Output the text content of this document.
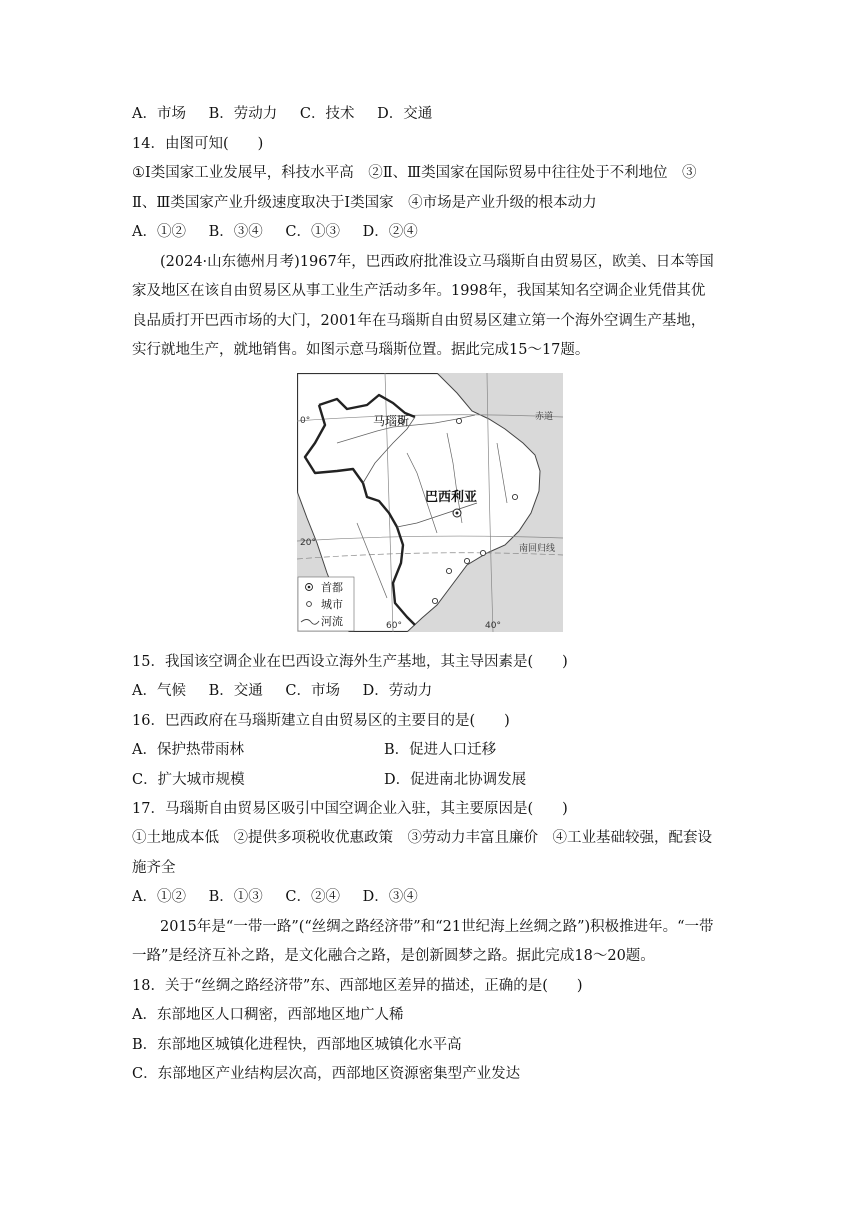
A．市场 B．劳动力 C．技术 D．交通
14．由图可知(　　)
①Ⅰ类国家工业发展早，科技水平高　②Ⅱ、Ⅲ类国家在国际贸易中往往处于不利地位　③
Ⅱ、Ⅲ类国家产业升级速度取决于Ⅰ类国家　④市场是产业升级的根本动力
A．①② B．③④ C．①③ D．②④
(2024·山东德州月考)1967年，巴西政府批准设立马瑙斯自由贸易区，欧美、日本等国
家及地区在该自由贸易区从事工业生产活动多年。1998年，我国某知名空调企业凭借其优
良品质打开巴西市场的大门，2001年在马瑙斯自由贸易区建立第一个海外空调生产基地，
实行就地生产，就地销售。如图示意马瑙斯位置。据此完成15～17题。
马瑙斯
巴西利亚
赤道
南回归线
0°
20°
60°	40°
首都
城市
河流
15．我国该空调企业在巴西设立海外生产基地，其主导因素是(　　)
A．气候 B．交通 C．市场 D．劳动力
16．巴西政府在马瑙斯建立自由贸易区的主要目的是(　　)
A．保护热带雨林	B．促进人口迁移
C．扩大城市规模	D．促进南北协调发展
17．马瑙斯自由贸易区吸引中国空调企业入驻，其主要原因是(　　)
①土地成本低　②提供多项税收优惠政策　③劳动力丰富且廉价　④工业基础较强，配套设
施齐全
A．①② B．①③ C．②④ D．③④
2015年是“一带一路”(“丝绸之路经济带”和“21世纪海上丝绸之路”)积极推进年。“一带
一路”是经济互补之路，是文化融合之路，是创新圆梦之路。据此完成18～20题。
18．关于“丝绸之路经济带”东、西部地区差异的描述，正确的是(　　)
A．东部地区人口稠密，西部地区地广人稀
B．东部地区城镇化进程快，西部地区城镇化水平高
C．东部地区产业结构层次高，西部地区资源密集型产业发达
